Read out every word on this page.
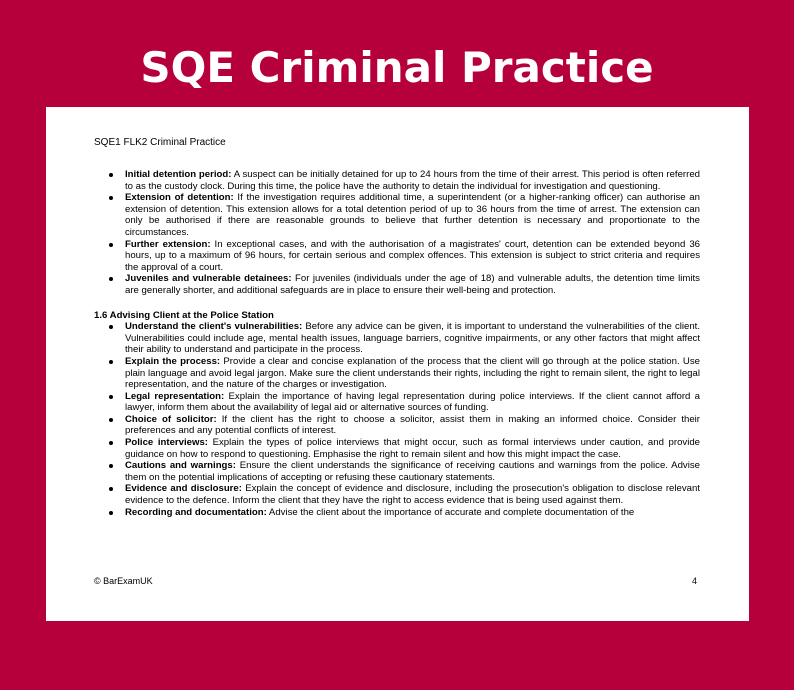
SQE Criminal Practice

SQE1 FLK2 Criminal Practice

Initial detention period: A suspect can be initially detained for up to 24 hours from the time of their arrest. This period is often referred to as the custody clock. During this time, the police have the authority to detain the individual for investigation and questioning.
Extension of detention: If the investigation requires additional time, a superintendent (or a higher-ranking officer) can authorise an extension of detention. This extension allows for a total detention period of up to 36 hours from the time of arrest. The extension can only be authorised if there are reasonable grounds to believe that further detention is necessary and proportionate to the circumstances.
Further extension: In exceptional cases, and with the authorisation of a magistrates' court, detention can be extended beyond 36 hours, up to a maximum of 96 hours, for certain serious and complex offences. This extension is subject to strict criteria and requires the approval of a court.
Juveniles and vulnerable detainees: For juveniles (individuals under the age of 18) and vulnerable adults, the detention time limits are generally shorter, and additional safeguards are in place to ensure their well-being and protection.

1.6 Advising Client at the Police Station

Understand the client's vulnerabilities: Before any advice can be given, it is important to understand the vulnerabilities of the client. Vulnerabilities could include age, mental health issues, language barriers, cognitive impairments, or any other factors that might affect their ability to understand and participate in the process.
Explain the process: Provide a clear and concise explanation of the process that the client will go through at the police station. Use plain language and avoid legal jargon. Make sure the client understands their rights, including the right to remain silent, the right to legal representation, and the nature of the charges or investigation.
Legal representation: Explain the importance of having legal representation during police interviews. If the client cannot afford a lawyer, inform them about the availability of legal aid or alternative sources of funding.
Choice of solicitor: If the client has the right to choose a solicitor, assist them in making an informed choice. Consider their preferences and any potential conflicts of interest.
Police interviews: Explain the types of police interviews that might occur, such as formal interviews under caution, and provide guidance on how to respond to questioning. Emphasise the right to remain silent and how this might impact the case.
Cautions and warnings: Ensure the client understands the significance of receiving cautions and warnings from the police. Advise them on the potential implications of accepting or refusing these cautionary statements.
Evidence and disclosure: Explain the concept of evidence and disclosure, including the prosecution's obligation to disclose relevant evidence to the defence. Inform the client that they have the right to access evidence that is being used against them.
Recording and documentation: Advise the client about the importance of accurate and complete documentation of the
© BarExamUK	4
